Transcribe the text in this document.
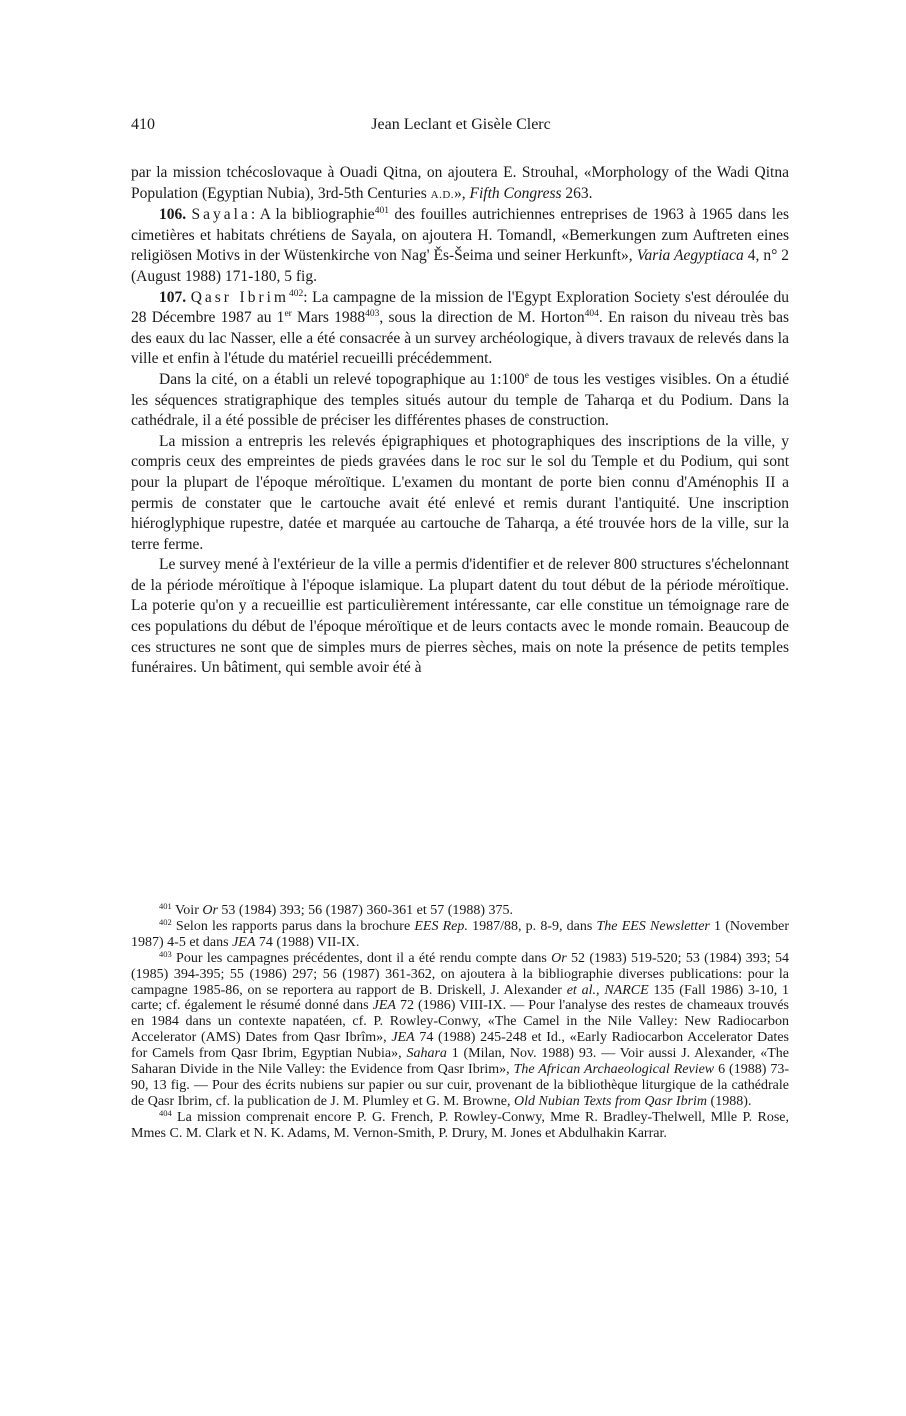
410	Jean Leclant et Gisèle Clerc

par la mission tchécoslovaque à Ouadi Qitna, on ajoutera E. Strouhal, «Morphology of the Wadi Qitna Population (Egyptian Nubia), 3rd-5th Centuries A.D.», Fifth Congress 263.

106. Sayala: A la bibliographie$^{401}$ des fouilles autrichiennes entreprises de 1963 à 1965 dans les cimetières et habitats chrétiens de Sayala, on ajoutera H. Tomandl, «Bemerkungen zum Auftreten eines religiösen Motivs in der Wüstenkirche von Nag' Ěs-Šeima und seiner Herkunft», Varia Aegyptiaca 4, n° 2 (August 1988) 171-180, 5 fig.

107. Qasr Ibrim$^{402}$: La campagne de la mission de l'Egypt Exploration Society s'est déroulée du 28 Décembre 1987 au 1er Mars 1988$^{403}$, sous la direction de M. Horton$^{404}$. En raison du niveau très bas des eaux du lac Nasser, elle a été consacrée à un survey archéologique, à divers travaux de relevés dans la ville et enfin à l'étude du matériel recueilli précédemment.

Dans la cité, on a établi un relevé topographique au 1:100e de tous les vestiges visibles. On a étudié les séquences stratigraphique des temples situés autour du temple de Taharqa et du Podium. Dans la cathédrale, il a été possible de préciser les différentes phases de construction.

La mission a entrepris les relevés épigraphiques et photographiques des inscriptions de la ville, y compris ceux des empreintes de pieds gravées dans le roc sur le sol du Temple et du Podium, qui sont pour la plupart de l'époque méroïtique. L'examen du montant de porte bien connu d'Aménophis II a permis de constater que le cartouche avait été enlevé et remis durant l'antiquité. Une inscription hiéroglyphique rupestre, datée et marquée au cartouche de Taharqa, a été trouvée hors de la ville, sur la terre ferme.

Le survey mené à l'extérieur de la ville a permis d'identifier et de relever 800 structures s'échelonnant de la période méroïtique à l'époque islamique. La plupart datent du tout début de la période méroïtique. La poterie qu'on y a recueillie est particulièrement intéressante, car elle constitue un témoignage rare de ces populations du début de l'époque méroïtique et de leurs contacts avec le monde romain. Beaucoup de ces structures ne sont que de simples murs de pierres sèches, mais on note la présence de petits temples funéraires. Un bâtiment, qui semble avoir été à

$^{401}$ Voir Or 53 (1984) 393; 56 (1987) 360-361 et 57 (1988) 375.

$^{402}$ Selon les rapports parus dans la brochure EES Rep. 1987/88, p. 8-9, dans The EES Newsletter 1 (November 1987) 4-5 et dans JEA 74 (1988) VII-IX.

$^{403}$ Pour les campagnes précédentes, dont il a été rendu compte dans Or 52 (1983) 519-520; 53 (1984) 393; 54 (1985) 394-395; 55 (1986) 297; 56 (1987) 361-362, on ajoutera à la bibliographie diverses publications: pour la campagne 1985-86, on se reportera au rapport de B. Driskell, J. Alexander et al., NARCE 135 (Fall 1986) 3-10, 1 carte; cf. également le résumé donné dans JEA 72 (1986) VIII-IX. — Pour l'analyse des restes de chameaux trouvés en 1984 dans un contexte napatéen, cf. P. Rowley-Conwy, «The Camel in the Nile Valley: New Radiocarbon Accelerator (AMS) Dates from Qasr Ibrîm», JEA 74 (1988) 245-248 et Id., «Early Radiocarbon Accelerator Dates for Camels from Qasr Ibrim, Egyptian Nubia», Sahara 1 (Milan, Nov. 1988) 93. — Voir aussi J. Alexander, «The Saharan Divide in the Nile Valley: the Evidence from Qasr Ibrim», The African Archaeological Review 6 (1988) 73-90, 13 fig. — Pour des écrits nubiens sur papier ou sur cuir, provenant de la bibliothèque liturgique de la cathédrale de Qasr Ibrim, cf. la publication de J. M. Plumley et G. M. Browne, Old Nubian Texts from Qasr Ibrim (1988).

$^{404}$ La mission comprenait encore P. G. French, P. Rowley-Conwy, Mme R. Bradley-Thelwell, Mlle P. Rose, Mmes C. M. Clark et N. K. Adams, M. Vernon-Smith, P. Drury, M. Jones et Abdulhakin Karrar.
